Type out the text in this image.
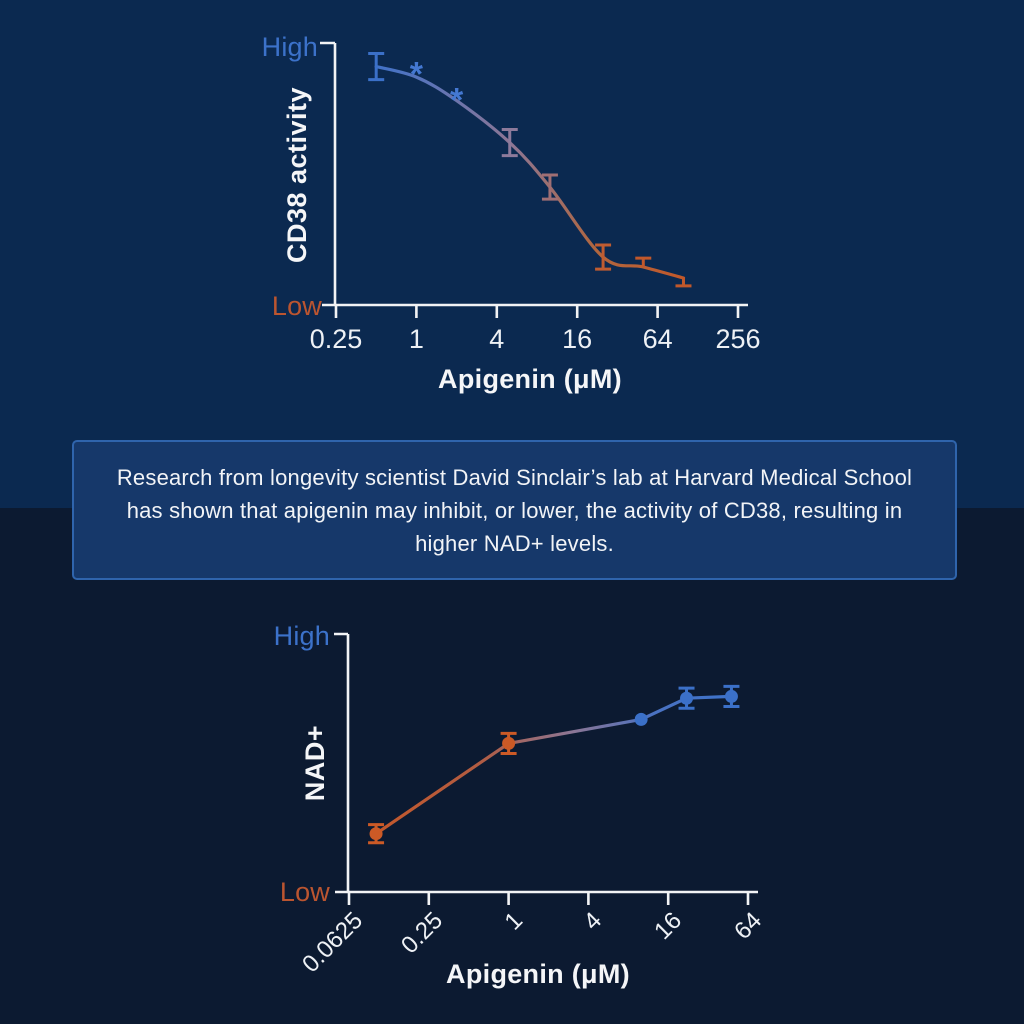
*
*
High
Low
CD38 activity
0.25	1	4	16	64	256
Apigenin (μM)

Research from longevity scientist David Sinclair’s lab at Harvard Medical School has shown that apigenin may inhibit, or lower, the activity of CD38, resulting in higher NAD+ levels.

High
Low
NAD+
0.0625	0.25	1	4	16	64
Apigenin (μM)
